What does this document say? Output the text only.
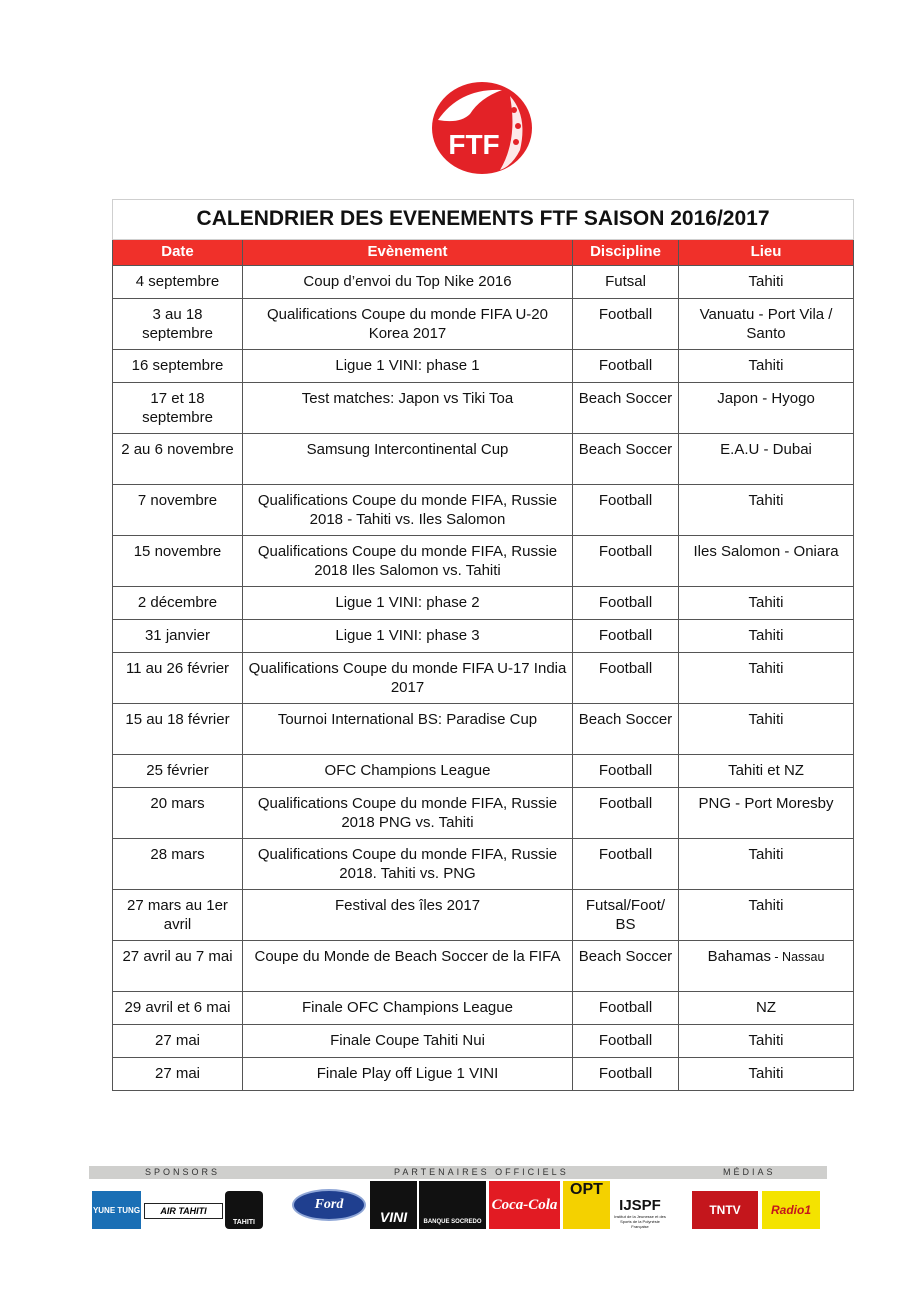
FTF
CALENDRIER DES EVENEMENTS FTF SAISON 2016/2017			
Date	Evènement	Discipline	Lieu
4 septembre	Coup d’envoi du Top Nike 2016	Futsal	Tahiti
3 au 18 septembre	Qualifications Coupe du monde FIFA U-20 Korea 2017	Football	Vanuatu - Port Vila / Santo
16 septembre	Ligue 1 VINI: phase 1	Football	Tahiti
17 et 18 septembre	Test matches: Japon vs Tiki Toa	Beach Soccer	Japon - Hyogo
2 au 6 novembre	Samsung Intercontinental Cup	Beach Soccer	E.A.U - Dubai
7 novembre	Qualifications Coupe du monde FIFA, Russie 2018 - Tahiti vs. Iles Salomon	Football	Tahiti
15 novembre	Qualifications Coupe du monde FIFA, Russie 2018 Iles Salomon vs. Tahiti	Football	Iles Salomon - Oniara
2 décembre	Ligue 1 VINI: phase 2	Football	Tahiti
31 janvier	Ligue 1 VINI: phase 3	Football	Tahiti
11 au 26 février	Qualifications Coupe du monde FIFA U-17 India 2017	Football	Tahiti
15 au 18 février	Tournoi International BS: Paradise Cup	Beach Soccer	Tahiti
25 février	OFC Champions League	Football	Tahiti et NZ
20 mars	Qualifications Coupe du monde FIFA, Russie 2018 PNG vs. Tahiti	Football	PNG - Port Moresby
28 mars	Qualifications Coupe du monde FIFA, Russie 2018. Tahiti vs. PNG	Football	Tahiti
27 mars au 1er avril	Festival des îles 2017	Futsal/Foot/ BS	Tahiti
27 avril au 7 mai	Coupe du Monde de Beach Soccer de la FIFA	Beach Soccer	Bahamas - Nassau
29 avril et 6 mai	Finale OFC Champions League	Football	NZ
27 mai	Finale Coupe Tahiti Nui	Football	Tahiti
27 mai	Finale Play off Ligue 1 VINI	Football	Tahiti
SPONSORS	PARTENAIRES OFFICIELS	MÉDIAS
YUNE TUNG AIR TAHITI
TAHITI
Ford
VINI	BANQUE SOCREDO
Coca-Cola
OPT
IJSPF
Institut de la Jeunesse et des Sports de la Polynésie Française
TNTV	Radio1
